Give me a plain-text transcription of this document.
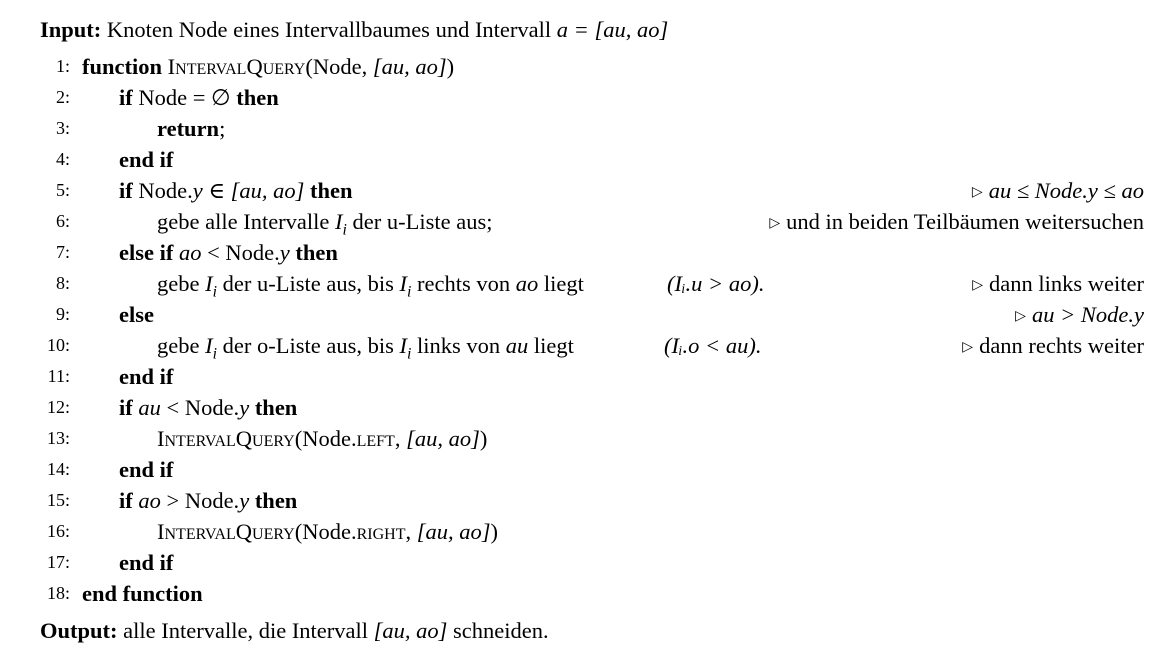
Input: Knoten Node eines Intervallbaumes und Intervall a = [au, ao]
1: function IntervalQuery(Node, [au, ao])
2: if Node = ∅ then
3:	return;
4: end if
5: if Node.y ∈ [au, ao] then	▷ au ≤ Node.y ≤ ao
6:	gebe alle Intervalle $I_i$ der u-Liste aus;	▷ und in beiden Teilbäumen weitersuchen
7: else if ao < Node.y then
8:	gebe $I_i$ der u-Liste aus, bis $I_i$ rechts von ao liegt	(Iᵢ.u > ao).	▷ dann links weiter
9: else	▷ au > Node.y
10:	gebe $I_i$ der o-Liste aus, bis $I_i$ links von au liegt	(Iᵢ.o < au).	▷ dann rechts weiter
11: end if
12: if au < Node.y then
13:	IntervalQuery(Node.left, [au, ao])
14: end if
15: if ao > Node.y then
16:	IntervalQuery(Node.right, [au, ao])
17: end if
18: end function
Output: alle Intervalle, die Intervall [au, ao] schneiden.
